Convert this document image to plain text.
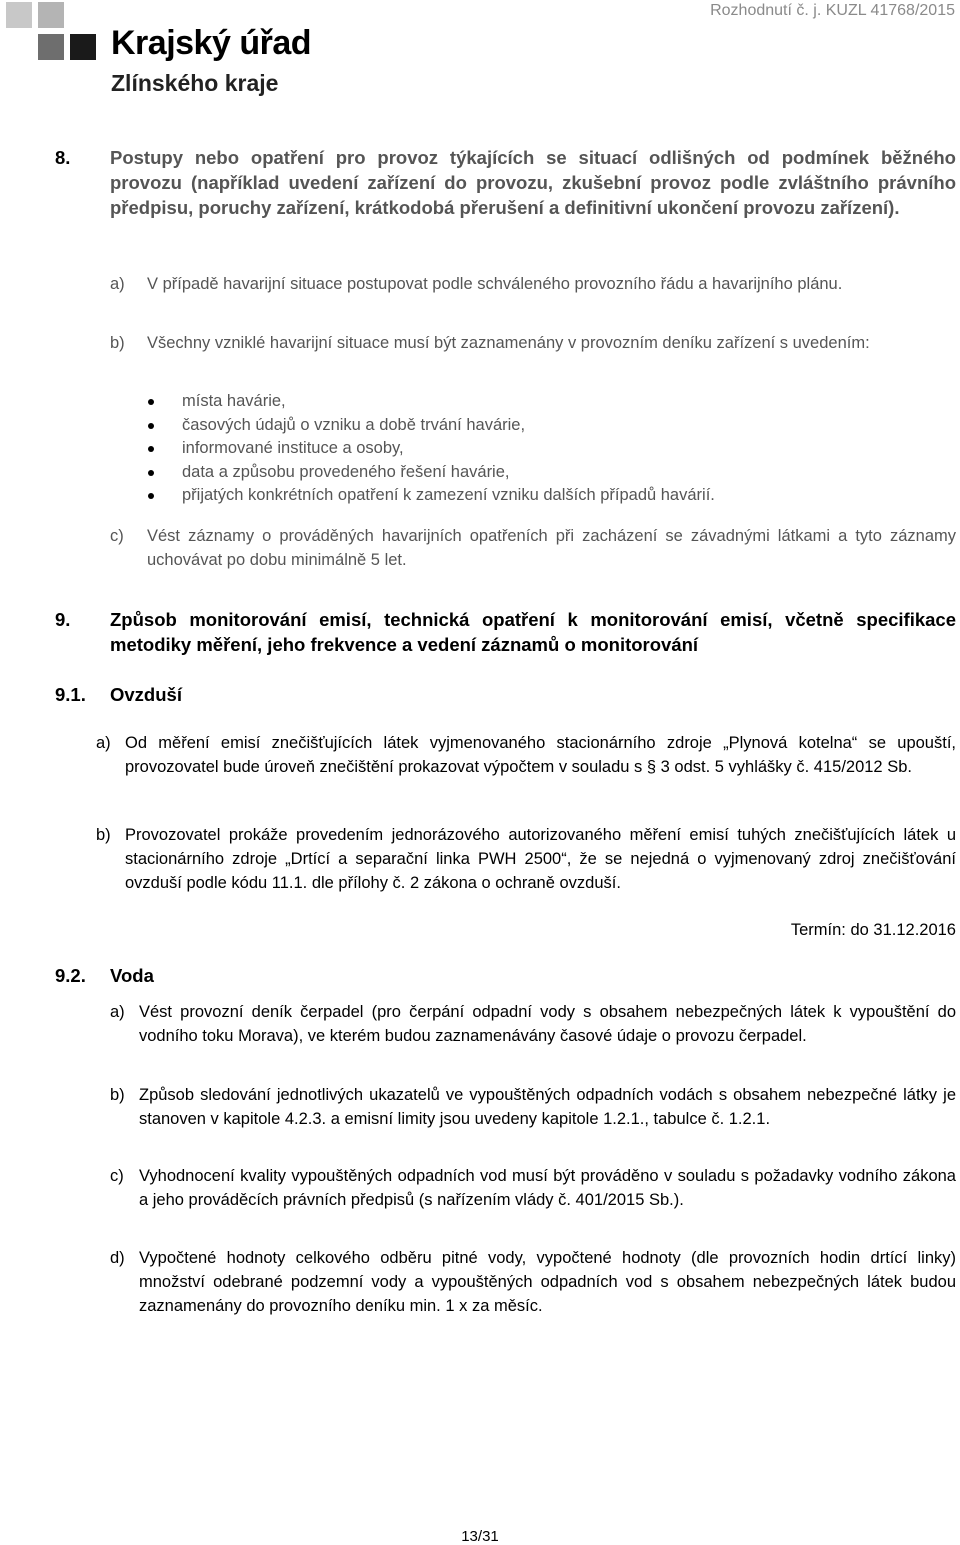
Krajský úřad
Zlínského kraje
Rozhodnutí č. j. KUZL 41768/2015
8. Postupy nebo opatření pro provoz týkajících se situací odlišných od podmínek běžného provozu (například uvedení zařízení do provozu, zkušební provoz podle zvláštního právního předpisu, poruchy zařízení, krátkodobá přerušení a definitivní ukončení provozu zařízení).
a) V případě havarijní situace postupovat podle schváleného provozního řádu a havarijního plánu.
b) Všechny vzniklé havarijní situace musí být zaznamenány v provozním deníku zařízení s uvedením:
místa havárie,
časových údajů o vzniku a době trvání havárie,
informované instituce a osoby,
data a způsobu provedeného řešení havárie,
přijatých konkrétních opatření k zamezení vzniku dalších případů havárií.
c) Vést záznamy o prováděných havarijních opatřeních při zacházení se závadnými látkami a tyto záznamy uchovávat po dobu minimálně 5 let.
9. Způsob monitorování emisí, technická opatření k monitorování emisí, včetně specifikace metodiky měření, jeho frekvence a vedení záznamů o monitorování
9.1. Ovzduší
a) Od měření emisí znečišťujících látek vyjmenovaného stacionárního zdroje „Plynová kotelna“ se upouští, provozovatel bude úroveň znečištění prokazovat výpočtem v souladu s § 3 odst. 5 vyhlášky č. 415/2012 Sb.
b) Provozovatel prokáže provedením jednorázového autorizovaného měření emisí tuhých znečišťujících látek u stacionárního zdroje „Drtící a separační linka PWH 2500“, že se nejedná o vyjmenovaný zdroj znečišťování ovzduší podle kódu 11.1. dle přílohy č. 2 zákona o ochraně ovzduší.
Termín: do 31.12.2016
9.2. Voda
a) Vést provozní deník čerpadel (pro čerpání odpadní vody s obsahem nebezpečných látek k vypouštění do vodního toku Morava), ve kterém budou zaznamenávány časové údaje o provozu čerpadel.
b) Způsob sledování jednotlivých ukazatelů ve vypouštěných odpadních vodách s obsahem nebezpečné látky je stanoven v kapitole 4.2.3. a emisní limity jsou uvedeny kapitole 1.2.1., tabulce č. 1.2.1.
c) Vyhodnocení kvality vypouštěných odpadních vod musí být prováděno v souladu s požadavky vodního zákona a jeho prováděcích právních předpisů (s nařízením vlády č. 401/2015 Sb.).
d) Vypočtené hodnoty celkového odběru pitné vody, vypočtené hodnoty (dle provozních hodin drtící linky) množství odebrané podzemní vody a vypouštěných odpadních vod s obsahem nebezpečných látek budou zaznamenány do provozního deníku min. 1 x za měsíc.
13/31
